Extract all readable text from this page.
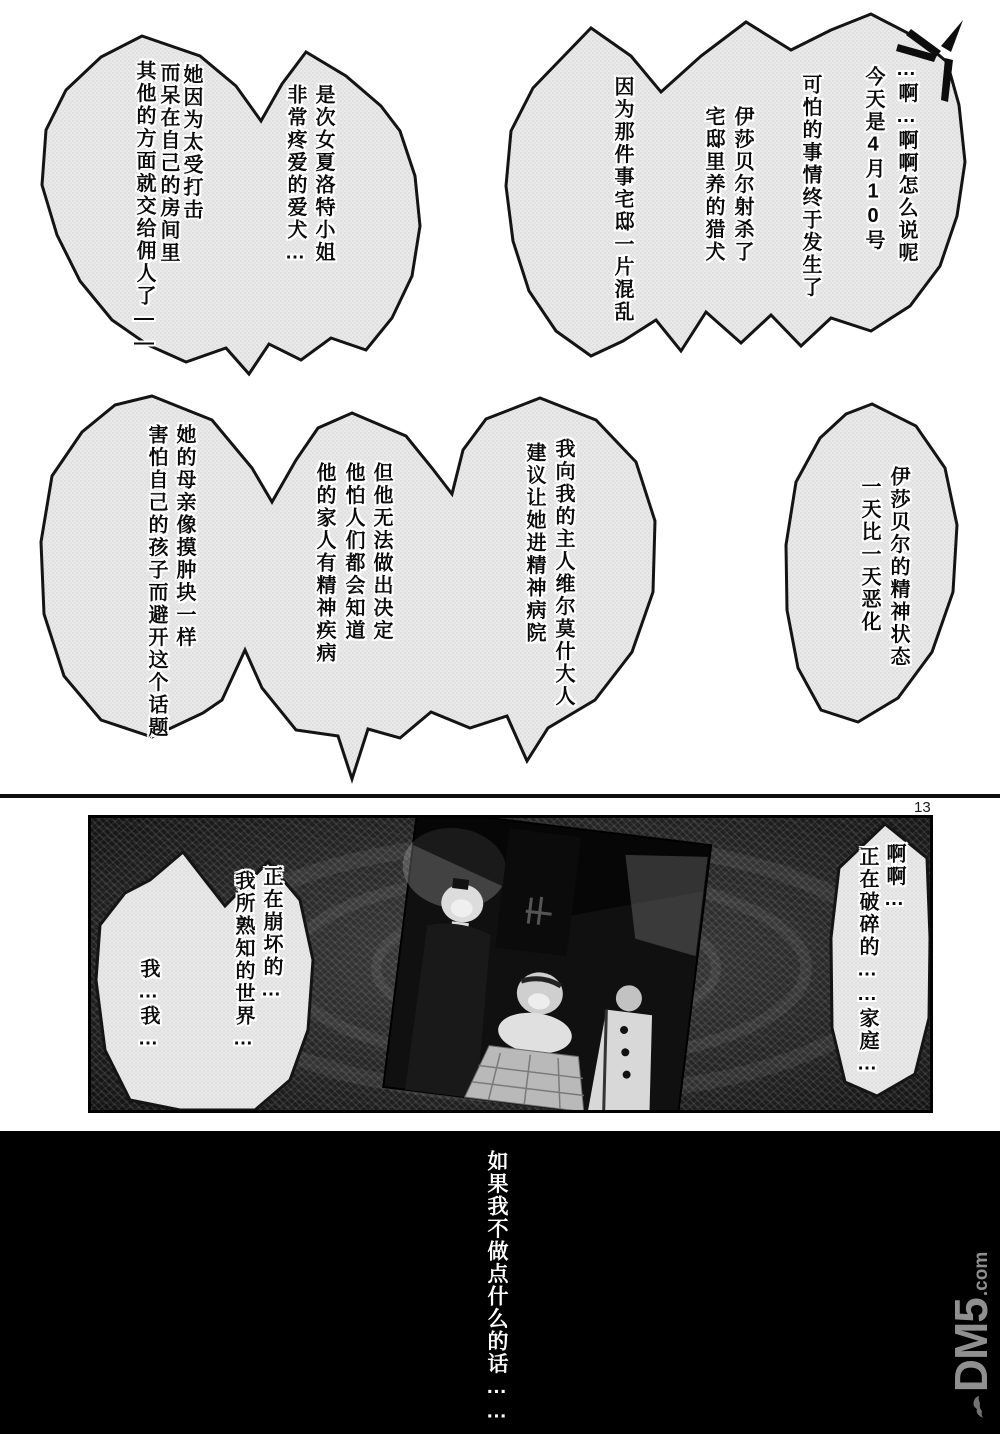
13
DM5
.com
…啊…啊啊怎么说呢
今天是4月10号
可怕的事情终于发生了
伊莎贝尔射杀了
宅邸里养的猎犬
因为那件事宅邸一片混乱
是次女夏洛特小姐
非常疼爱的爱犬…
她因为太受打击
而呆在自己的房间里
其他的方面就交给佣人了——
我向我的主人维尔莫什大人
建议让她进精神病院
但他无法做出决定
他怕人们都会知道
他的家人有精神疾病
她的母亲像摸肿块一样
害怕自己的孩子而避开这个话题	伊莎贝尔的精神状态
一天比一天恶化
啊啊…
正在破碎的……家庭…
正在崩坏的…
我所熟知的世界…
我…我…
如果我不做点什么的话……
